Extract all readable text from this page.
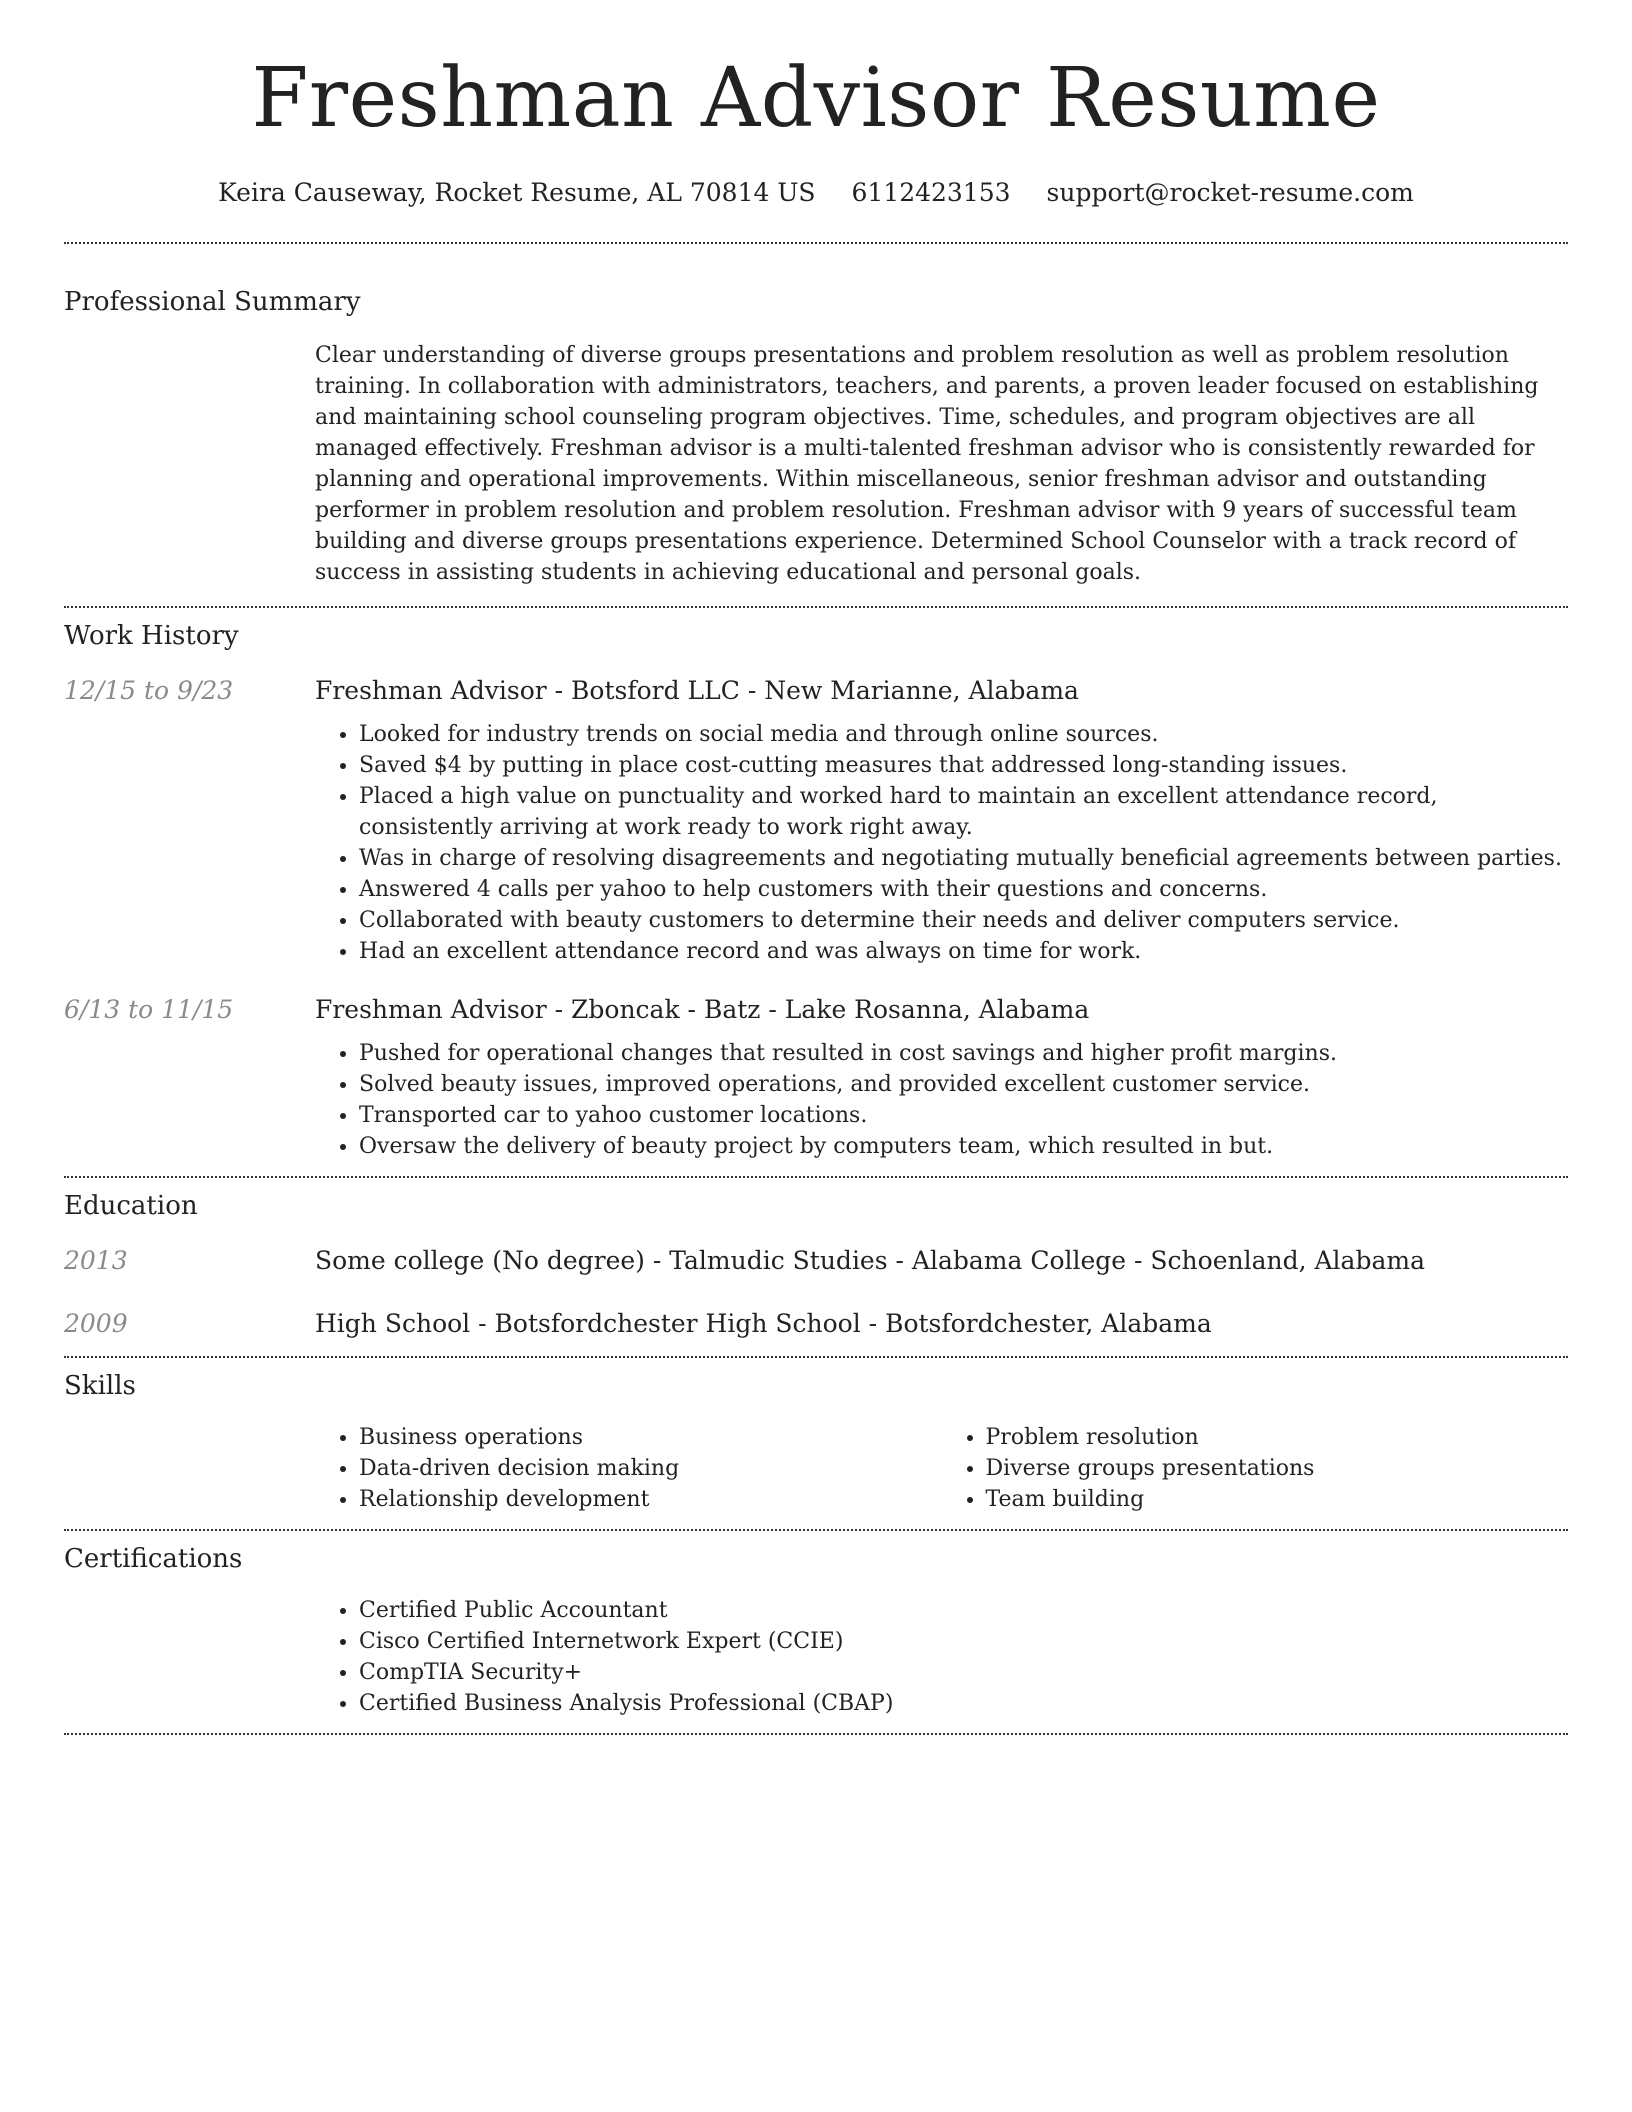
Freshman Advisor Resume
Keira Causeway, Rocket Resume, AL 70814 US 6112423153 support@rocket-resume.com
Professional Summary
Clear understanding of diverse groups presentations and problem resolution as well as problem resolution training. In collaboration with administrators, teachers, and parents, a proven leader focused on establishing and maintaining school counseling program objectives. Time, schedules, and program objectives are all managed effectively. Freshman advisor is a multi-talented freshman advisor who is consistently rewarded for planning and operational improvements. Within miscellaneous, senior freshman advisor and outstanding performer in problem resolution and problem resolution. Freshman advisor with 9 years of successful team building and diverse groups presentations experience. Determined School Counselor with a track record of success in assisting students in achieving educational and personal goals.
Work History
12/15 to 9/23	Freshman Advisor - Botsford LLC - New Marianne, Alabama
• Looked for industry trends on social media and through online sources.
• Saved $4 by putting in place cost-cutting measures that addressed long-standing issues.
• Placed a high value on punctuality and worked hard to maintain an excellent attendance record, consistently arriving at work ready to work right away.
• Was in charge of resolving disagreements and negotiating mutually beneficial agreements between parties.
• Answered 4 calls per yahoo to help customers with their questions and concerns.
• Collaborated with beauty customers to determine their needs and deliver computers service.
• Had an excellent attendance record and was always on time for work.
6/13 to 11/15	Freshman Advisor - Zboncak - Batz - Lake Rosanna, Alabama
• Pushed for operational changes that resulted in cost savings and higher profit margins.
• Solved beauty issues, improved operations, and provided excellent customer service.
• Transported car to yahoo customer locations.
• Oversaw the delivery of beauty project by computers team, which resulted in but.
Education
2013	Some college (No degree) - Talmudic Studies - Alabama College - Schoenland, Alabama
2009	High School - Botsfordchester High School - Botsfordchester, Alabama
Skills
• Business operations
• Data-driven decision making
• Relationship development
• Problem resolution
• Diverse groups presentations
• Team building
Certifications
• Certified Public Accountant
• Cisco Certified Internetwork Expert (CCIE)
• CompTIA Security+
• Certified Business Analysis Professional (CBAP)
